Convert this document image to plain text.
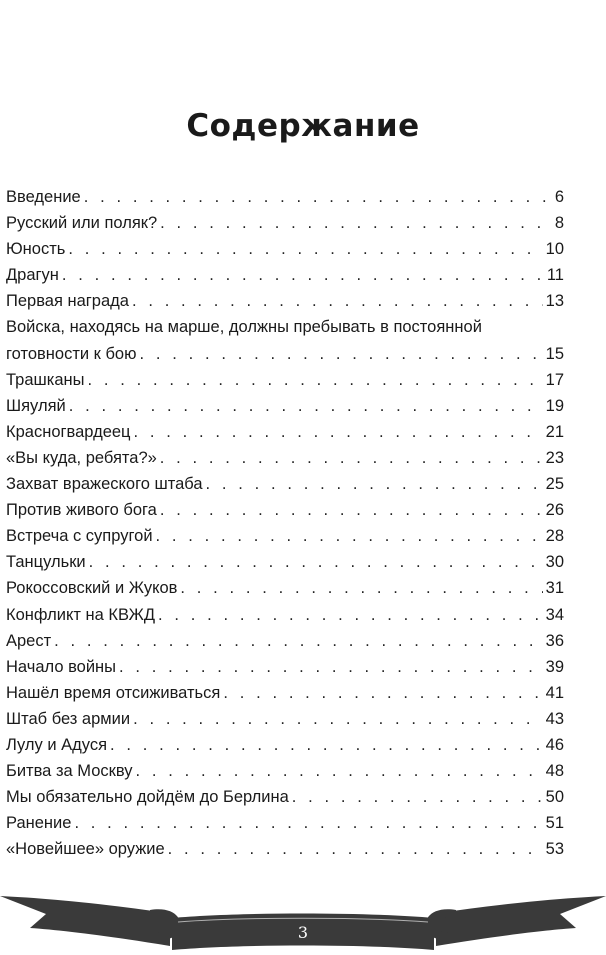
Содержание
Введение . . .	6
Русский или поляк? . . .	8
Юность . . .	10
Драгун . . .	11
Первая награда . . .	13
Войска, находясь на марше, должны пребывать в постоянной
готовности к бою . . .	15
Трашканы . . .	17
Шяуляй . . .	19
Красногвардеец . . .	21
«Вы куда, ребята?» . . .	23
Захват вражеского штаба . . .	25
Против живого бога . . .	26
Встреча с супругой . . .	28
Танцульки . . .	30
Рокоссовский и Жуков . . .	31
Конфликт на КВЖД . . .	34
Арест . . .	36
Начало войны . . .	39
Нашёл время отсиживаться . . .	41
Штаб без армии . . .	43
Лулу и Адуся . . .	46
Битва за Москву . . .	48
Мы обязательно дойдём до Берлина . . .	50
Ранение . . .	51
«Новейшее» оружие . . .	53
3
